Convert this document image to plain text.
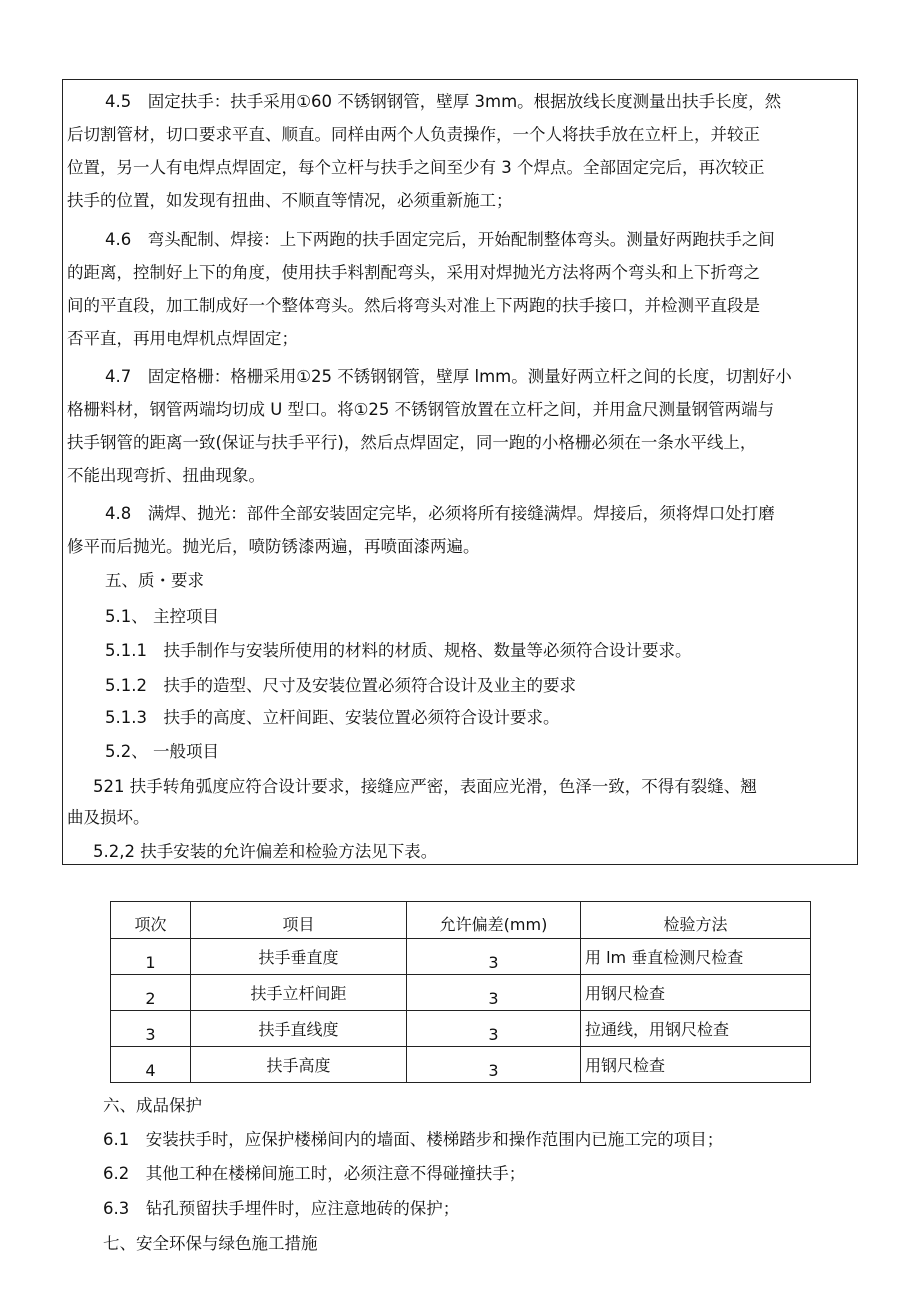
4.5　固定扶手：扶手采用①60 不锈钢钢管，壁厚 3mm。根据放线长度测量出扶手长度，然
后切割管材，切口要求平直、顺直。同样由两个人负责操作，一个人将扶手放在立杆上，并较正
位置，另一人有电焊点焊固定，每个立杆与扶手之间至少有 3 个焊点。全部固定完后，再次较正
扶手的位置，如发现有扭曲、不顺直等情况，必须重新施工；
4.6　弯头配制、焊接：上下两跑的扶手固定完后，开始配制整体弯头。测量好两跑扶手之间
的距离，控制好上下的角度，使用扶手料割配弯头，采用对焊抛光方法将两个弯头和上下折弯之
间的平直段，加工制成好一个整体弯头。然后将弯头对准上下两跑的扶手接口，并检测平直段是
否平直，再用电焊机点焊固定；
4.7　固定格栅：格栅采用①25 不锈钢钢管，壁厚 lmm。测量好两立杆之间的长度，切割好小
格栅料材，钢管两端均切成 U 型口。将①25 不锈钢管放置在立杆之间，并用盒尺测量钢管两端与
扶手钢管的距离一致(保证与扶手平行)，然后点焊固定，同一跑的小格栅必须在一条水平线上，
不能出现弯折、扭曲现象。
4.8　满焊、抛光：部件全部安装固定完毕，必须将所有接缝满焊。焊接后，须将焊口处打磨
修平而后抛光。抛光后，喷防锈漆两遍，再喷面漆两遍。
五、质・要求
5.1、 主控项目
5.1.1　扶手制作与安装所使用的材料的材质、规格、数量等必须符合设计要求。
5.1.2　扶手的造型、尺寸及安装位置必须符合设计及业主的要求
5.1.3　扶手的高度、立杆间距、安装位置必须符合设计要求。
5.2、 一般项目
521 扶手转角弧度应符合设计要求，接缝应严密，表面应光滑，色泽一致，不得有裂缝、翘
曲及损坏。
5.2,2 扶手安装的允许偏差和检验方法见下表。
项次	项目	允许偏差(mm)	检验方法
1	扶手垂直度	3	用 lm 垂直检测尺检查
2	扶手立杆间距	3	用钢尺检查
3	扶手直线度	3	拉通线，用钢尺检查
4	扶手高度	3	用钢尺检查
六、成品保护
6.1　安装扶手时，应保护楼梯间内的墙面、楼梯踏步和操作范围内已施工完的项目；
6.2　其他工种在楼梯间施工时，必须注意不得碰撞扶手；
6.3　钻孔预留扶手埋件时，应注意地砖的保护；
七、安全环保与绿色施工措施
